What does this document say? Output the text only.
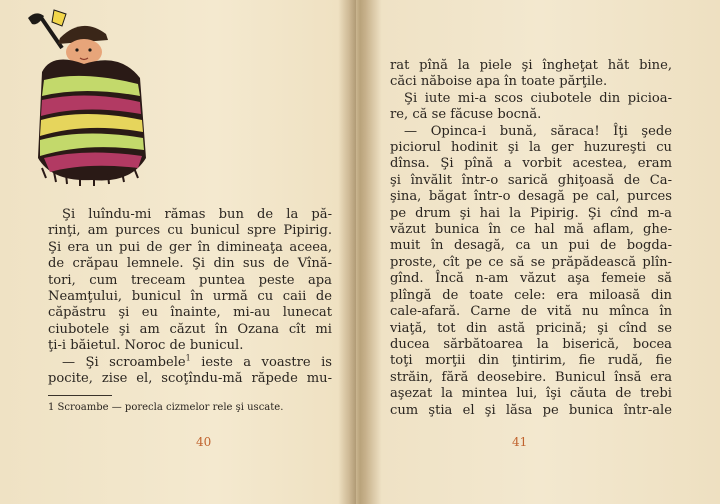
Şi luîndu-mi rămas bun de la pă-
rinţi, am purces cu bunicul spre Pipirig.
Şi era un pui de ger în dimineaţa aceea,
de crăpau lemnele. Şi din sus de Vînă-
tori, cum treceam puntea peste apa
Neamţului, bunicul în urmă cu caii de
căpăstru şi eu înainte, mi-au lunecat
ciubotele şi am căzut în Ozana cît mi
ţi-i băietul. Noroc de bunicul.
— Şi scroambele$^1$ ieste a voastre is
pocite, zise el, scoţîndu-mă răpede mu-
1 Scroambe — porecla cizmelor rele şi uscate.
40
rat pînă la piele şi îngheţat hăt bine,
căci năboise apa în toate părţile.
Şi iute mi-a scos ciubotele din picioa-
re, că se făcuse bocnă.
— Opinca-i bună, săraca! Îţi şede
piciorul hodinit şi la ger huzureşti cu
dînsa. Şi pînă a vorbit acestea, eram
şi învălit într-o sarică ghiţoasă de Ca-
şina, băgat într-o desagă pe cal, purces
pe drum şi hai la Pipirig. Şi cînd m-a
văzut bunica în ce hal mă aflam, ghe-
muit în desagă, ca un pui de bogda-
proste, cît pe ce să se prăpădească plîn-
gînd. Încă n-am văzut aşa femeie să
plîngă de toate cele: era miloasă din
cale-afară. Carne de vită nu mînca în
viaţă, tot din astă pricină; şi cînd se
ducea sărbătoarea la biserică, bocea
toţi morţii din ţintirim, fie rudă, fie
străin, fără deosebire. Bunicul însă era
aşezat la mintea lui, îşi căuta de trebi
cum ştia el şi lăsa pe bunica într-ale
41
